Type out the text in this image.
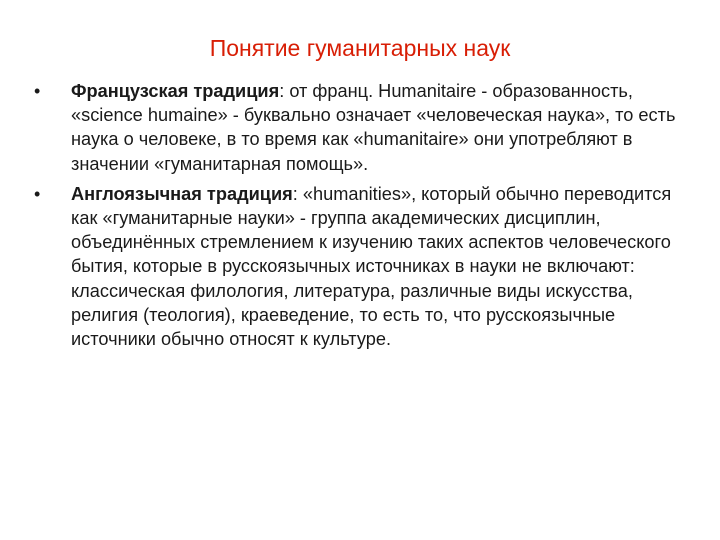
Понятие гуманитарных наук
•	Французская традиция: от франц. Humanitaire - образованность, «science humaine» - буквально означает «человеческая наука», то есть наука о человеке, в то время как «humanitaire» они употребляют в значении «гуманитарная помощь».
•	Англоязычная традиция: «humanities», который обычно переводится как «гуманитарные науки» - группа академических дисциплин, объединённых стремлением к изучению таких аспектов человеческого бытия, которые в русскоязычных источниках в науки не включают: классическая филология, литература, различные виды искусства, религия (теология), краеведение, то есть то, что русскоязычные источники обычно относят к культуре.
